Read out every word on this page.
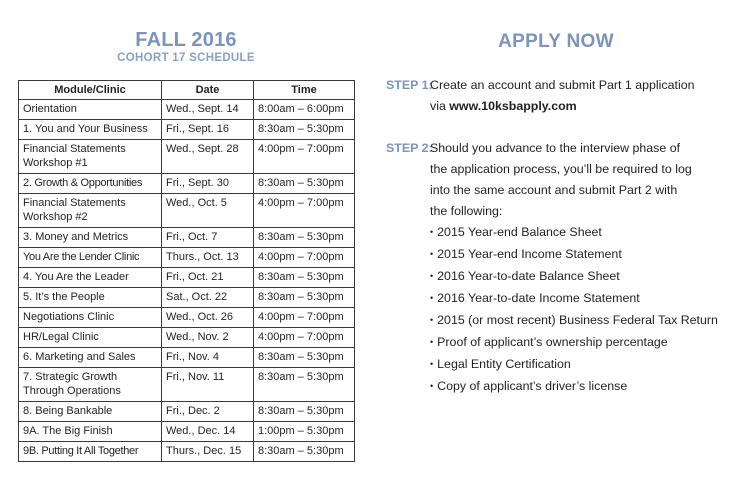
FALL 2016
COHORT 17 SCHEDULE
Module/Clinic	Date	Time
Orientation	Wed., Sept. 14	8:00am – 6:00pm
1. You and Your Business	Fri., Sept. 16	8:30am – 5:30pm
Financial Statements Workshop #1	Wed., Sept. 28	4:00pm – 7:00pm
2. Growth & Opportunities	Fri., Sept. 30	8:30am – 5:30pm
Financial Statements Workshop #2	Wed., Oct. 5	4:00pm – 7:00pm
3. Money and Metrics	Fri., Oct. 7	8:30am – 5:30pm
You Are the Lender Clinic	Thurs., Oct. 13	4:00pm – 7:00pm
4. You Are the Leader	Fri., Oct. 21	8:30am – 5:30pm
5. It’s the People	Sat., Oct. 22	8:30am – 5:30pm
Negotiations Clinic	Wed., Oct. 26	4:00pm – 7:00pm
HR/Legal Clinic	Wed., Nov. 2	4:00pm – 7:00pm
6. Marketing and Sales	Fri., Nov. 4	8:30am – 5:30pm
7. Strategic Growth Through Operations	Fri., Nov. 11	8:30am – 5:30pm
8. Being Bankable	Fri., Dec. 2	8:30am – 5:30pm
9A. The Big Finish	Wed., Dec. 14	1:00pm – 5:30pm
9B. Putting It All Together	Thurs., Dec. 15	8:30am – 5:30pm
APPLY NOW
STEP 1:
Create an account and submit Part 1 application
via www.10ksbapply.com
STEP 2:
Should you advance to the interview phase of
the application process, you’ll be required to log
into the same account and submit Part 2 with
the following:
• 2015 Year-end Balance Sheet
• 2015 Year-end Income Statement
• 2016 Year-to-date Balance Sheet
• 2016 Year-to-date Income Statement
• 2015 (or most recent) Business Federal Tax Return
• Proof of applicant’s ownership percentage
• Legal Entity Certification
• Copy of applicant’s driver’s license
